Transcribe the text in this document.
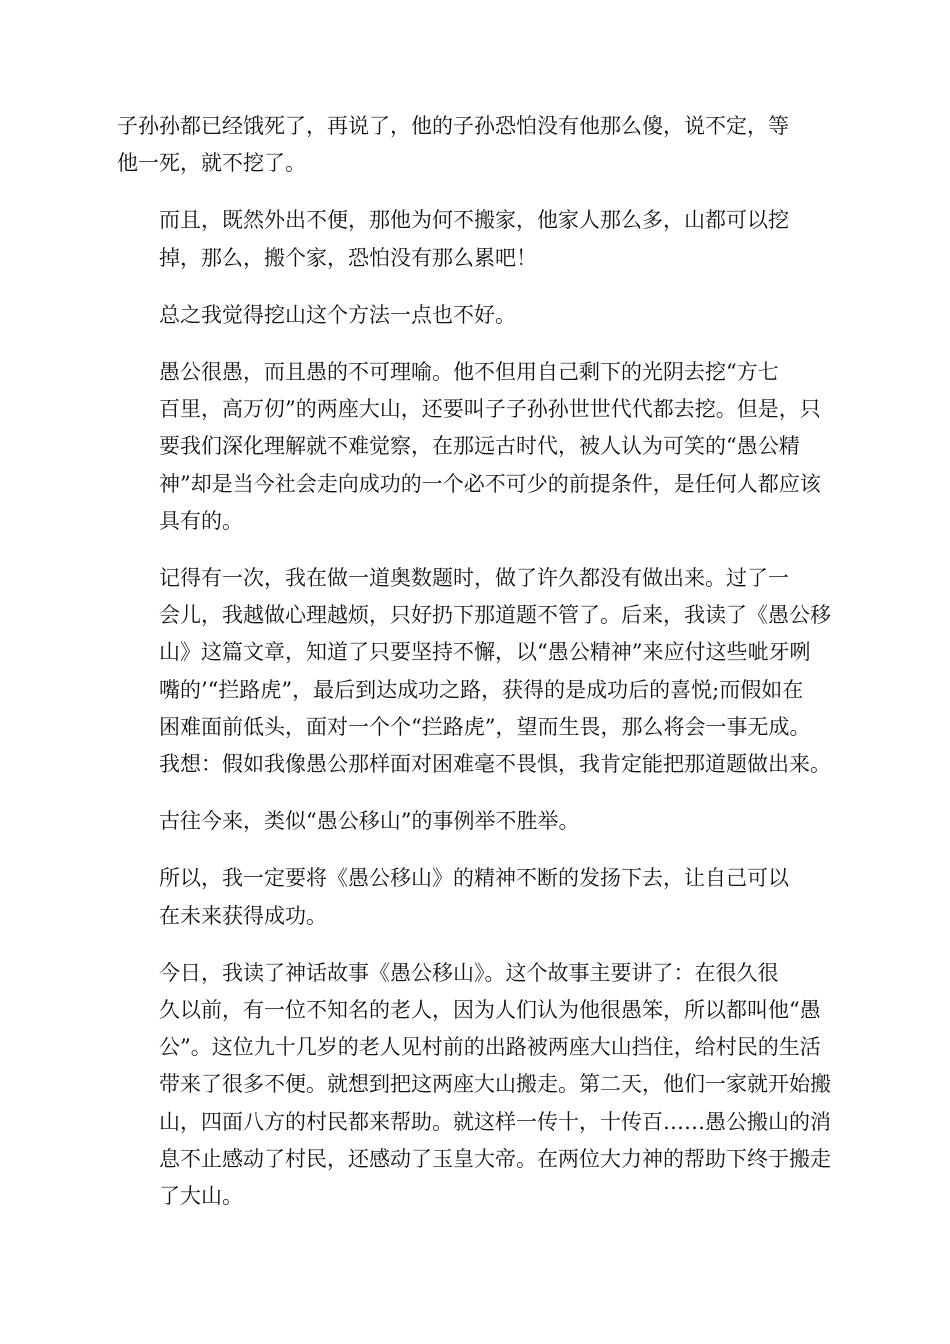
子孙孙都已经饿死了，再说了，他的子孙恐怕没有他那么傻，说不定，等
他一死，就不挖了。

而且，既然外出不便，那他为何不搬家，他家人那么多，山都可以挖
掉，那么，搬个家，恐怕没有那么累吧！

总之我觉得挖山这个方法一点也不好。

愚公很愚，而且愚的不可理喻。他不但用自己剩下的光阴去挖“方七
百里，高万仞”的两座大山，还要叫子子孙孙世世代代都去挖。但是，只
要我们深化理解就不难觉察，在那远古时代，被人认为可笑的“愚公精
神”却是当今社会走向成功的一个必不可少的前提条件，是任何人都应该
具有的。

记得有一次，我在做一道奥数题时，做了许久都没有做出来。过了一
会儿，我越做心理越烦，只好扔下那道题不管了。后来，我读了《愚公移
山》这篇文章，知道了只要坚持不懈，以“愚公精神”来应付这些呲牙咧
嘴的’“拦路虎”，最后到达成功之路，获得的是成功后的喜悦;而假如在
困难面前低头，面对一个个“拦路虎”，望而生畏，那么将会一事无成。
我想：假如我像愚公那样面对困难毫不畏惧，我肯定能把那道题做出来。

古往今来，类似“愚公移山”的事例举不胜举。

所以，我一定要将《愚公移山》的精神不断的发扬下去，让自己可以
在未来获得成功。

今日，我读了神话故事《愚公移山》。这个故事主要讲了：在很久很
久以前，有一位不知名的老人，因为人们认为他很愚笨，所以都叫他“愚
公”。这位九十几岁的老人见村前的出路被两座大山挡住，给村民的生活
带来了很多不便。就想到把这两座大山搬走。第二天，他们一家就开始搬
山，四面八方的村民都来帮助。就这样一传十，十传百……愚公搬山的消
息不止感动了村民，还感动了玉皇大帝。在两位大力神的帮助下终于搬走
了大山。
